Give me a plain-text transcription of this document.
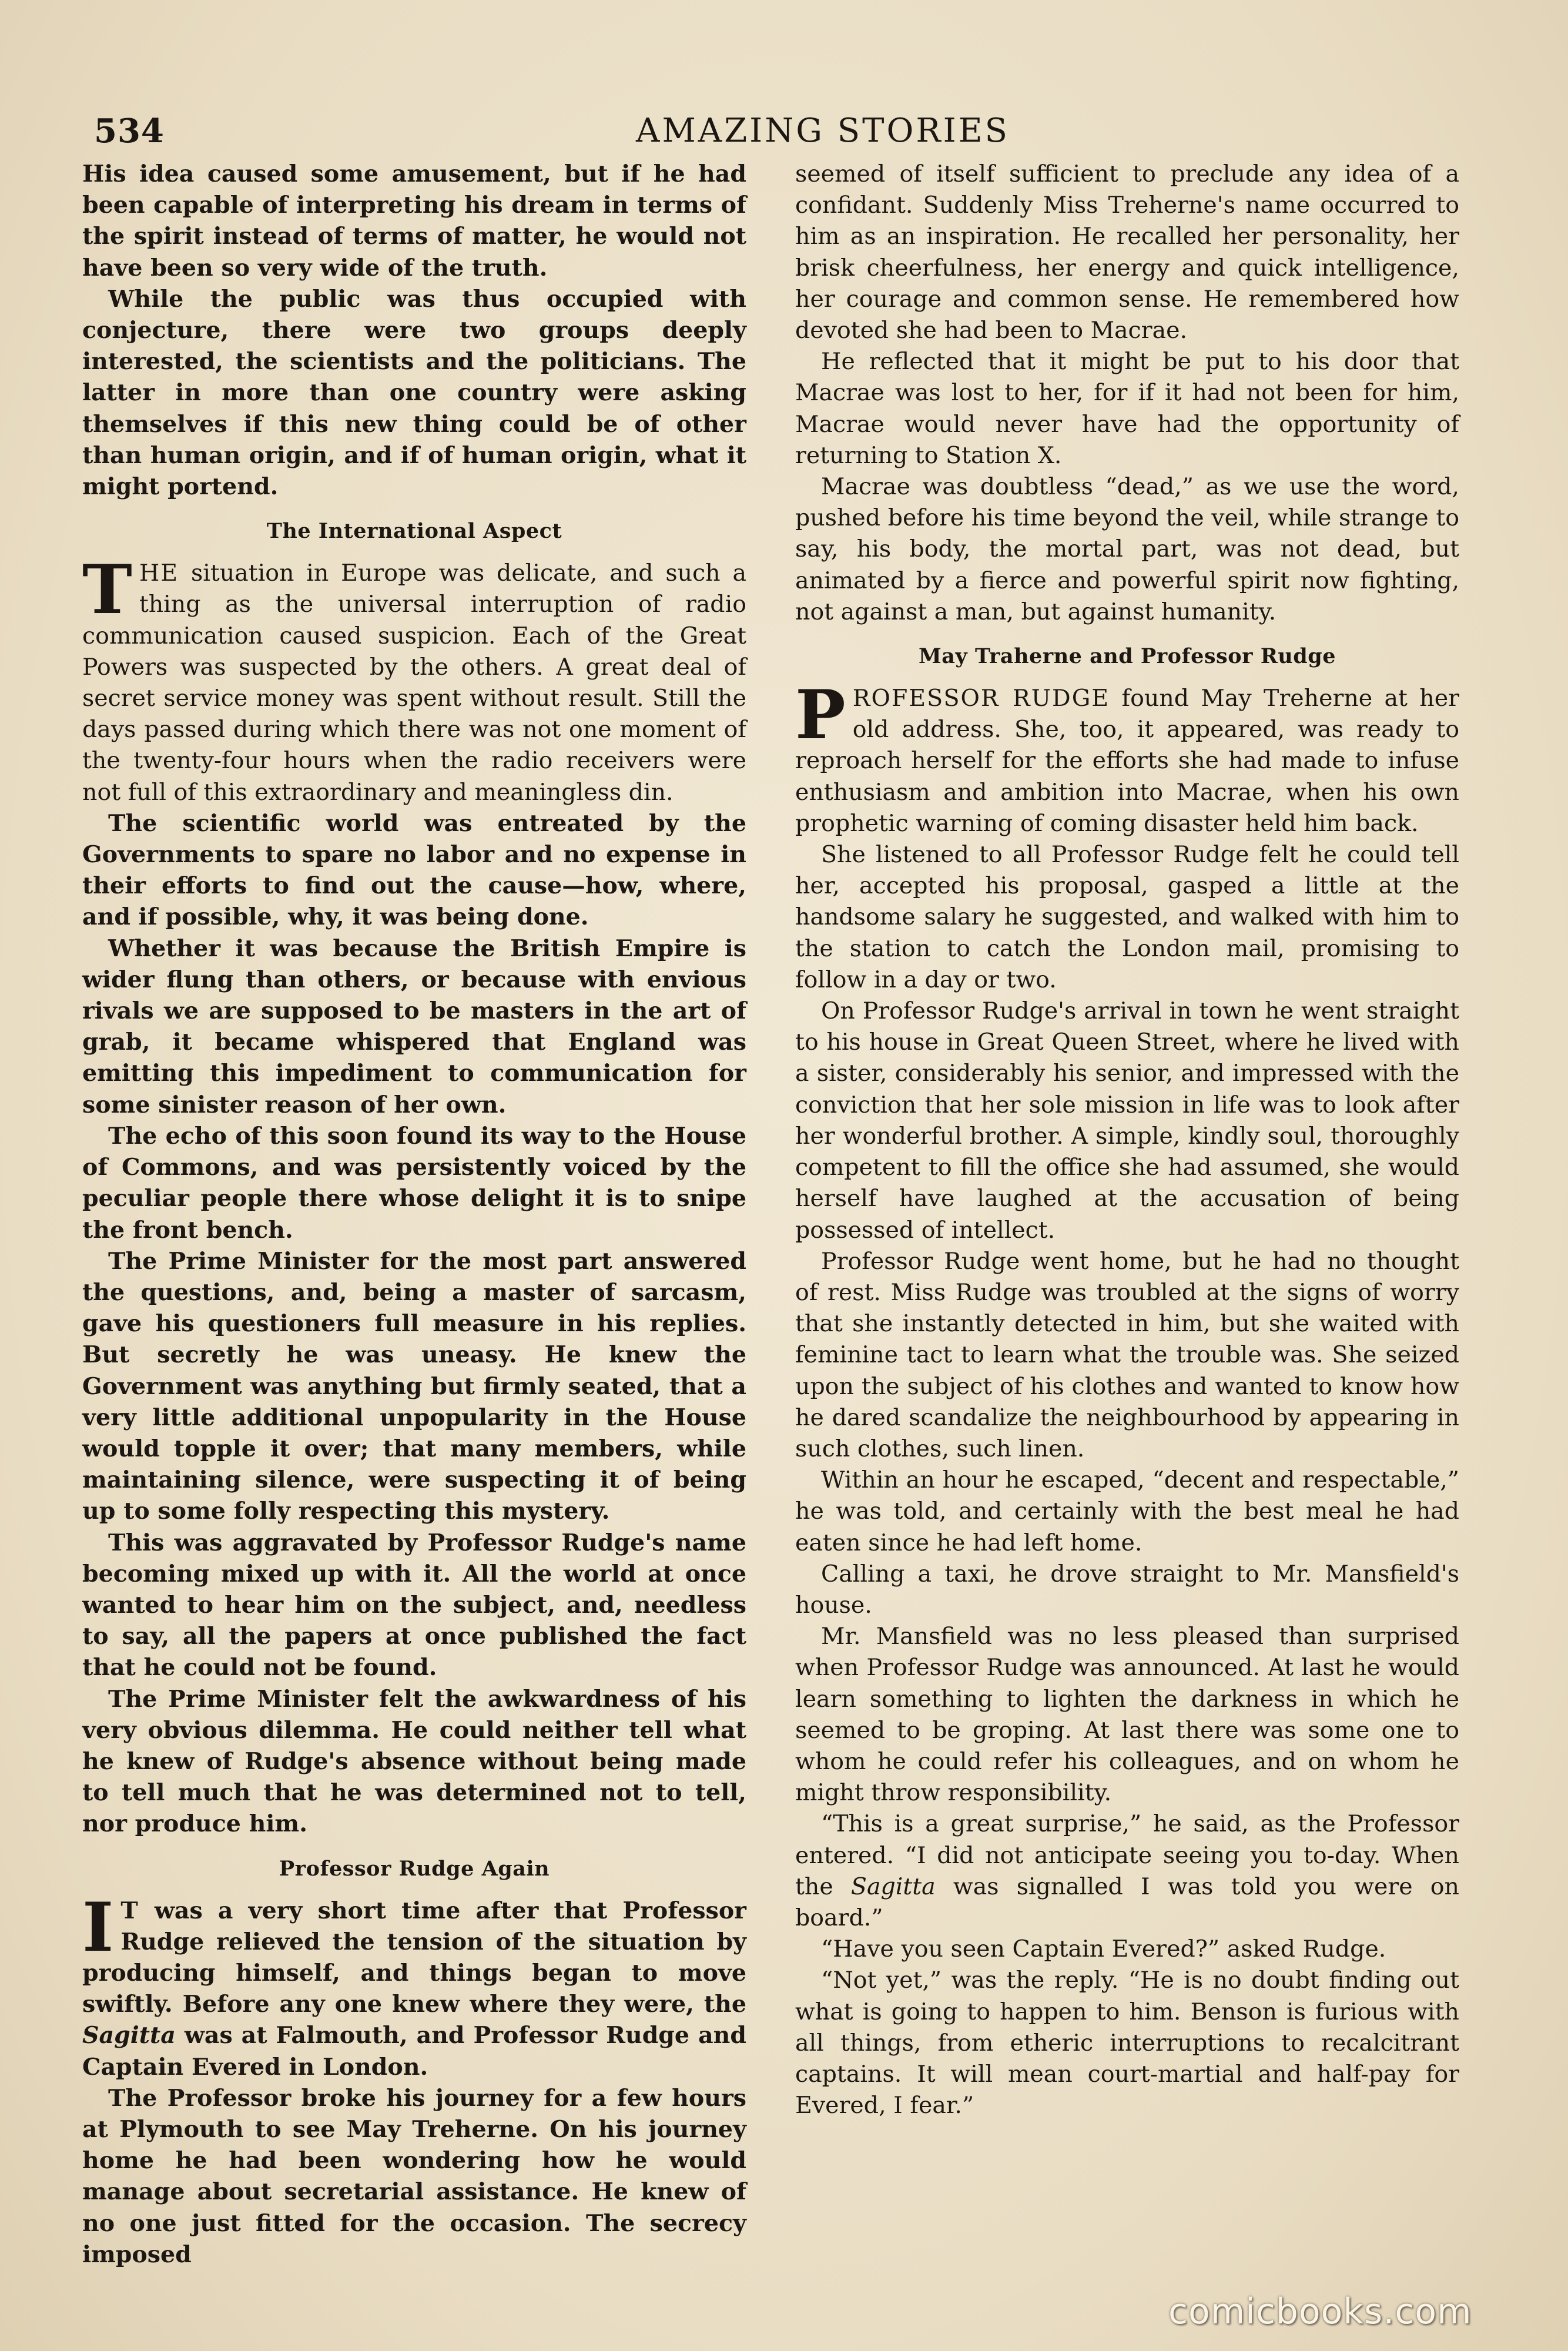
534	AMAZING STORIES

His idea caused some amusement, but if he had been capable of interpreting his dream in terms of the spirit instead of terms of matter, he would not have been so very wide of the truth.

While the public was thus occupied with conjecture, there were two groups deeply interested, the scientists and the politicians. The latter in more than one country were asking themselves if this new thing could be of other than human origin, and if of human origin, what it might portend.

The International Aspect

THE situation in Europe was delicate, and such a thing as the universal interruption of radio communication caused suspicion. Each of the Great Powers was suspected by the others. A great deal of secret service money was spent without result. Still the days passed during which there was not one moment of the twenty-four hours when the radio receivers were not full of this extraordinary and meaningless din.

The scientific world was entreated by the Governments to spare no labor and no expense in their efforts to find out the cause—how, where, and if possible, why, it was being done.

Whether it was because the British Empire is wider flung than others, or because with envious rivals we are supposed to be masters in the art of grab, it became whispered that England was emitting this impediment to communication for some sinister reason of her own.

The echo of this soon found its way to the House of Commons, and was persistently voiced by the peculiar people there whose delight it is to snipe the front bench.

The Prime Minister for the most part answered the questions, and, being a master of sarcasm, gave his questioners full measure in his replies. But secretly he was uneasy. He knew the Government was anything but firmly seated, that a very little additional unpopularity in the House would topple it over; that many members, while maintaining silence, were suspecting it of being up to some folly respecting this mystery.

This was aggravated by Professor Rudge's name becoming mixed up with it. All the world at once wanted to hear him on the subject, and, needless to say, all the papers at once published the fact that he could not be found.

The Prime Minister felt the awkwardness of his very obvious dilemma. He could neither tell what he knew of Rudge's absence without being made to tell much that he was determined not to tell, nor produce him.

Professor Rudge Again

I T was a very short time after that Professor Rudge relieved the tension of the situation by producing himself, and things began to move swiftly. Before any one knew where they were, the Sagitta was at Falmouth, and Professor Rudge and Captain Evered in London.

The Professor broke his journey for a few hours at Plymouth to see May Treherne. On his journey home he had been wondering how he would manage about secretarial assistance. He knew of no one just fitted for the occasion. The secrecy imposed

seemed of itself sufficient to preclude any idea of a confidant. Suddenly Miss Treherne's name occurred to him as an inspiration. He recalled her personality, her brisk cheerfulness, her energy and quick intelligence, her courage and common sense. He remembered how devoted she had been to Macrae.

He reflected that it might be put to his door that Macrae was lost to her, for if it had not been for him, Macrae would never have had the opportunity of returning to Station X.

Macrae was doubtless “dead,” as we use the word, pushed before his time beyond the veil, while strange to say, his body, the mortal part, was not dead, but animated by a fierce and powerful spirit now fighting, not against a man, but against humanity.

May Traherne and Professor Rudge

PROFESSOR RUDGE found May Treherne at her old address. She, too, it appeared, was ready to reproach herself for the efforts she had made to infuse enthusiasm and ambition into Macrae, when his own prophetic warning of coming disaster held him back.

She listened to all Professor Rudge felt he could tell her, accepted his proposal, gasped a little at the handsome salary he suggested, and walked with him to the station to catch the London mail, promising to follow in a day or two.

On Professor Rudge's arrival in town he went straight to his house in Great Queen Street, where he lived with a sister, considerably his senior, and impressed with the conviction that her sole mission in life was to look after her wonderful brother. A simple, kindly soul, thoroughly competent to fill the office she had assumed, she would herself have laughed at the accusation of being possessed of intellect.

Professor Rudge went home, but he had no thought of rest. Miss Rudge was troubled at the signs of worry that she instantly detected in him, but she waited with feminine tact to learn what the trouble was. She seized upon the subject of his clothes and wanted to know how he dared scandalize the neighbourhood by appearing in such clothes, such linen.

Within an hour he escaped, “decent and respectable,” he was told, and certainly with the best meal he had eaten since he had left home.

Calling a taxi, he drove straight to Mr. Mansfield's house.

Mr. Mansfield was no less pleased than surprised when Professor Rudge was announced. At last he would learn something to lighten the darkness in which he seemed to be groping. At last there was some one to whom he could refer his colleagues, and on whom he might throw responsibility.

“This is a great surprise,” he said, as the Professor entered. “I did not anticipate seeing you to-day. When the Sagitta was signalled I was told you were on board.”

“Have you seen Captain Evered?” asked Rudge.

“Not yet,” was the reply. “He is no doubt finding out what is going to happen to him. Benson is furious with all things, from etheric interruptions to recalcitrant captains. It will mean court-martial and half-pay for Evered, I fear.”

comicbooks.com
